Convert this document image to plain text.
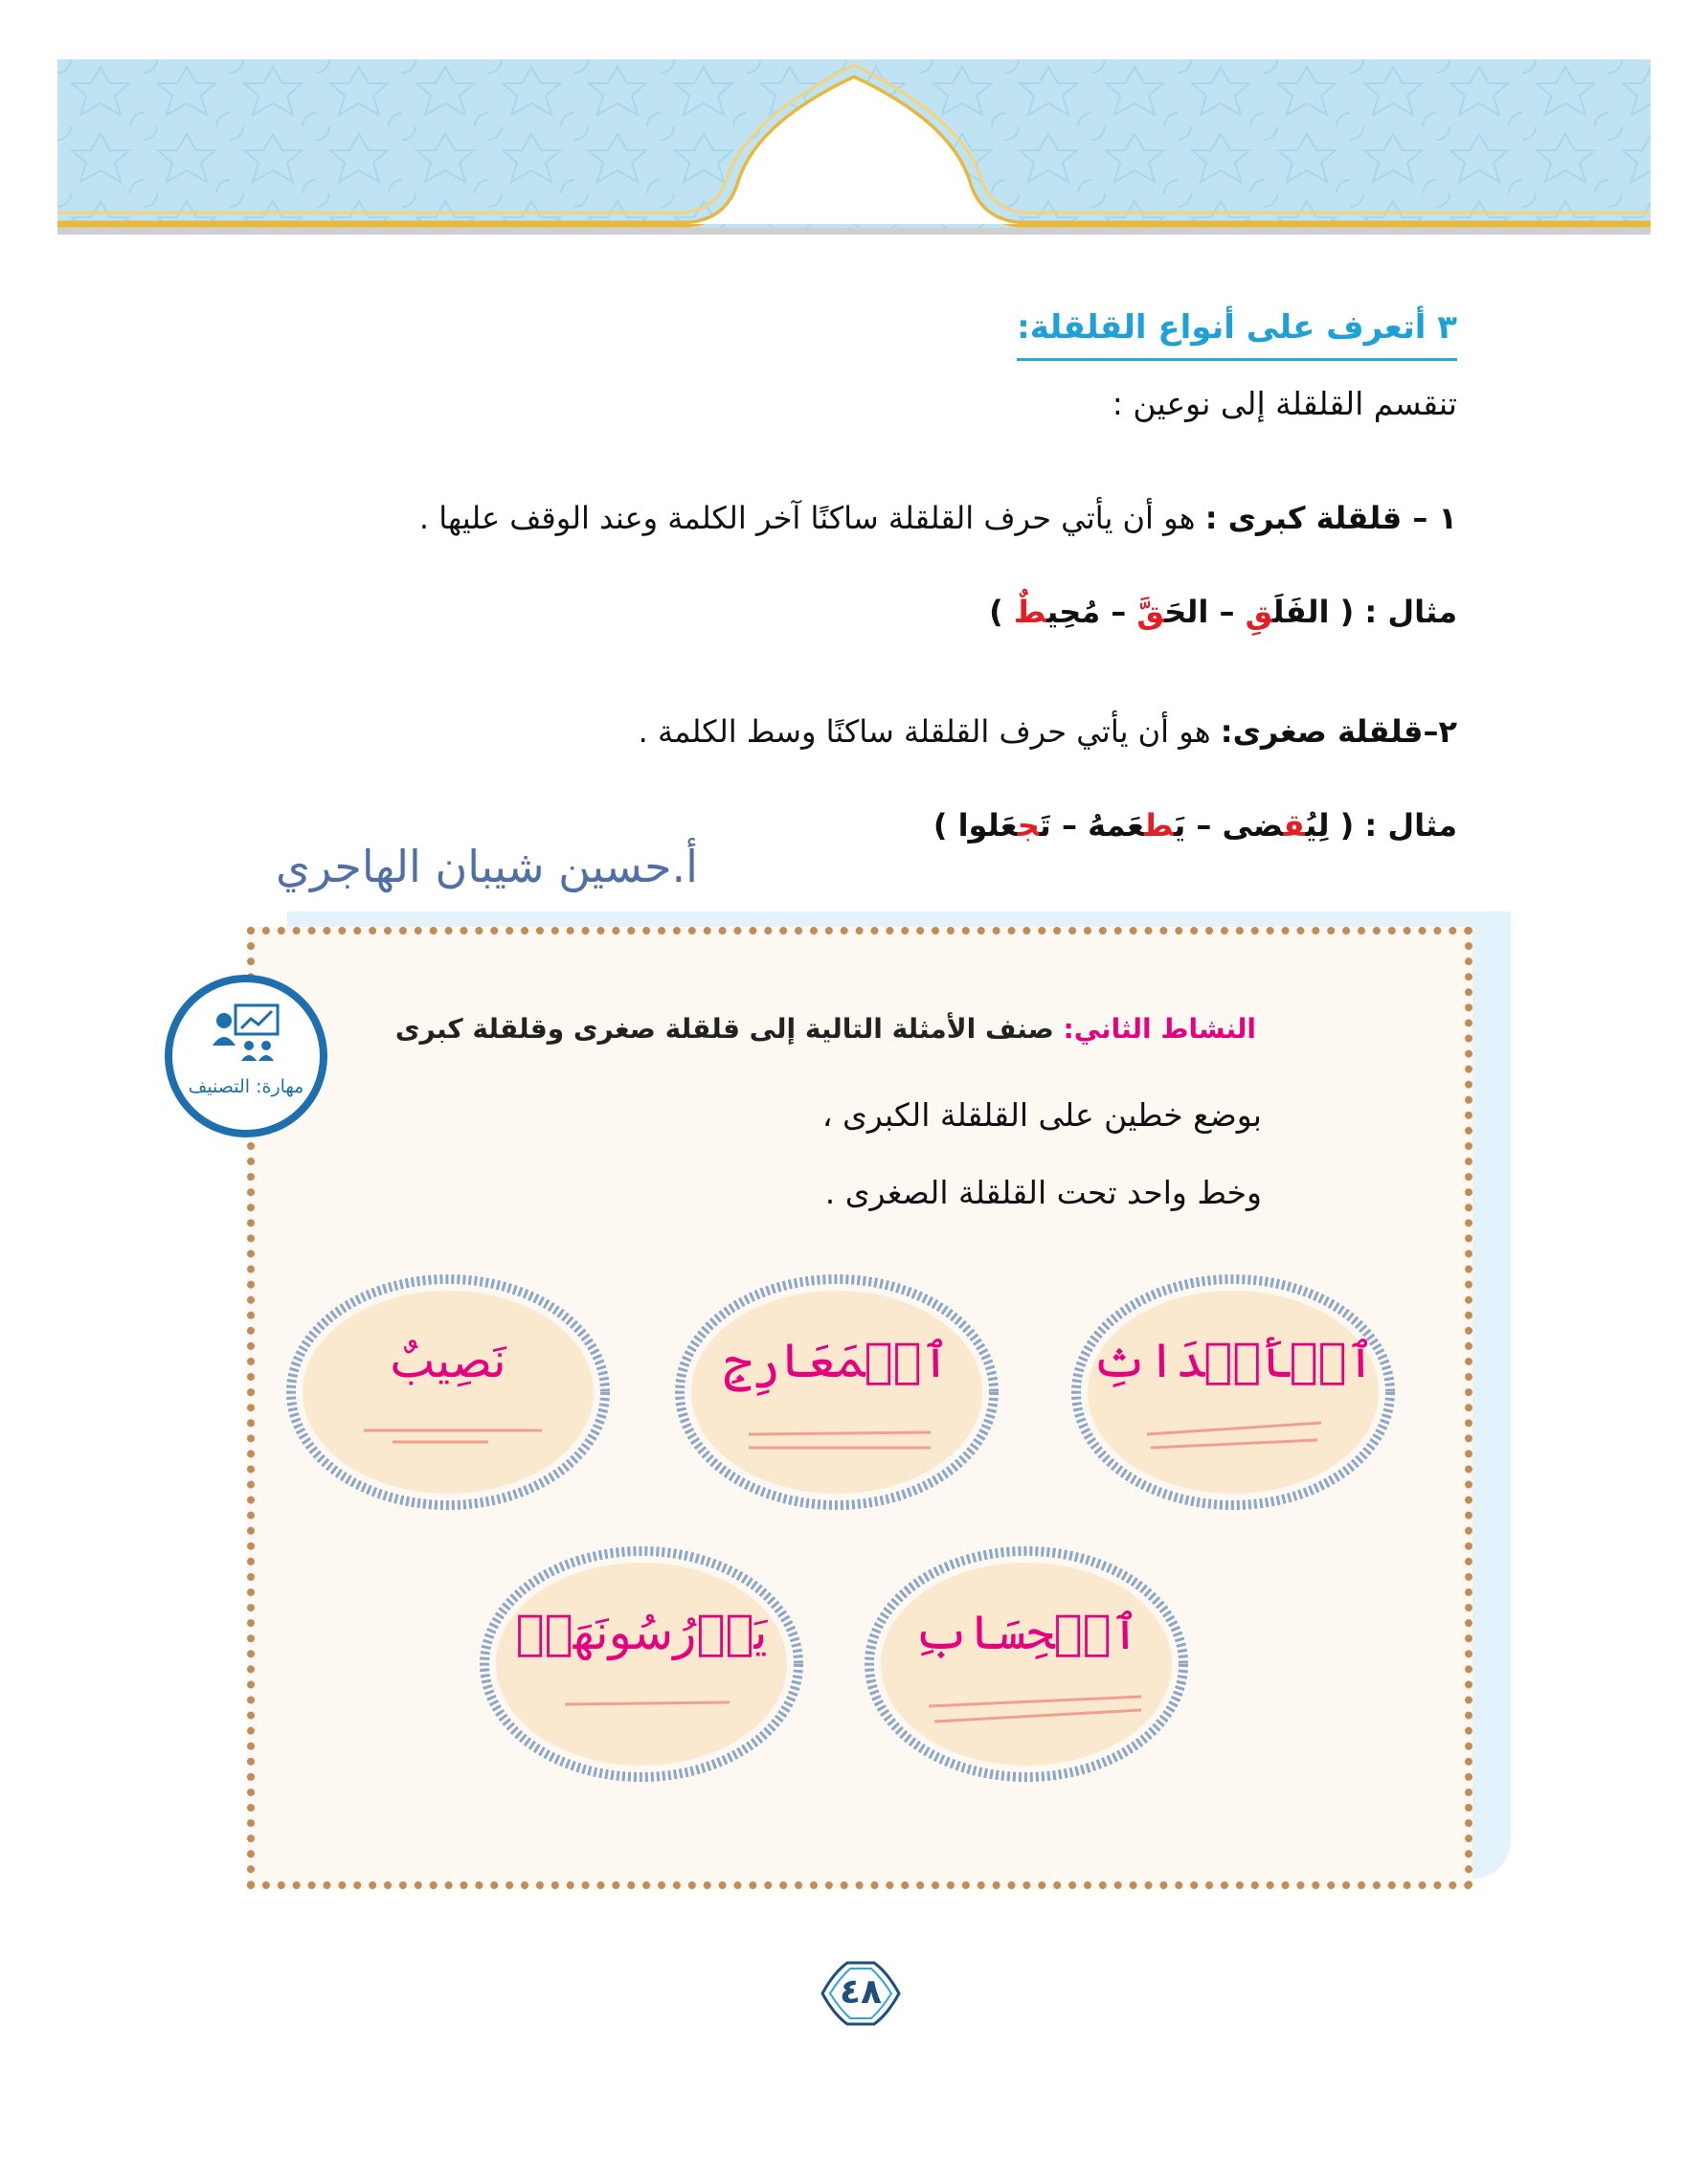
٣ أتعرف على أنواع القلقلة:
تنقسم القلقلة إلى نوعين :
١ – قلقلة كبرى : هو أن يأتي حرف القلقلة ساكنًا آخر الكلمة وعند الوقف عليها .
مثال : ( الفَلَقِ – الحَقَّ – مُحِيطٌ )
٢–قلقلة صغرى: هو أن يأتي حرف القلقلة ساكنًا وسط الكلمة .
مثال : ( لِيُقضى – يَطعَمهُ – تَجعَلوا )
أ.حسين شيبان الهاجري
مهارة: التصنيف
النشاط الثاني: صنف الأمثلة التالية إلى قلقلة صغرى وقلقلة كبرى
بوضع خطين على القلقلة الكبرى ،
وخط واحد تحت القلقلة الصغرى .
ٱلۡأَجۡدَاثِ
ٱلۡمَعَارِجِ
نَصِيبٌ
ٱلۡحِسَابِ
يَدۡرُسُونَهَاۖ
٤٨
